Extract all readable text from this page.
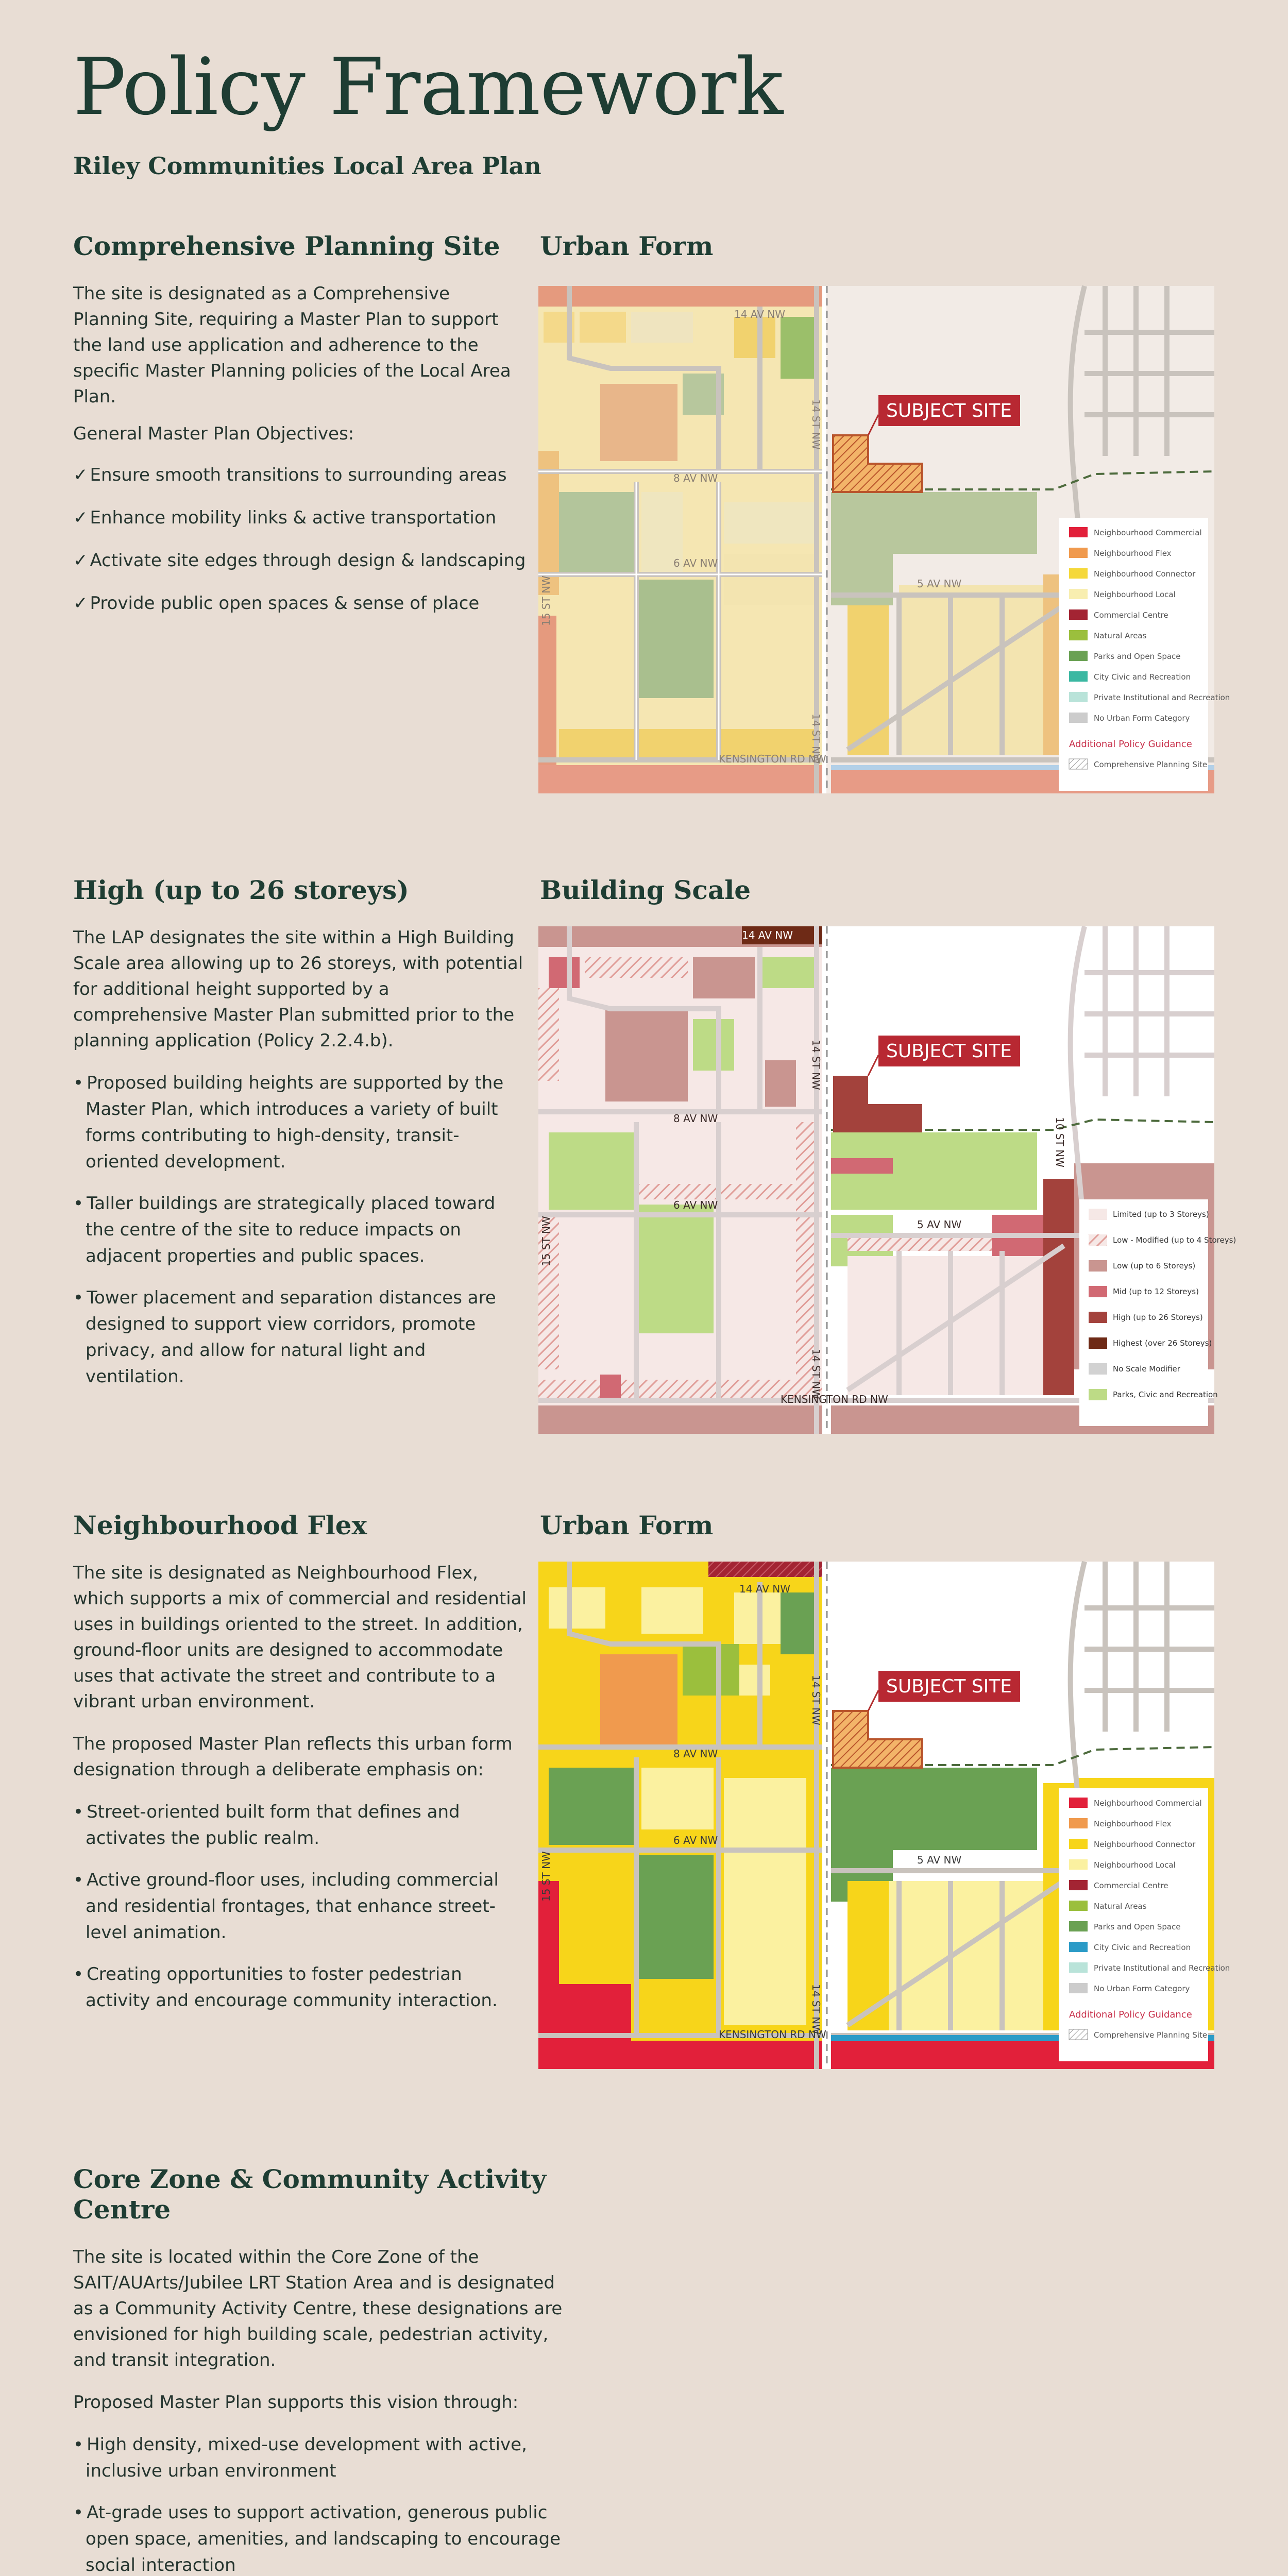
Policy Framework
Riley Communities Local Area Plan
Comprehensive Planning Site

The site is designated as a Comprehensive Planning Site, requiring a Master Plan to support the land use application and adherence to the specific Master Planning policies of the Local Area Plan.

General Master Plan Objectives:

✓ Ensure smooth transitions to surrounding areas
✓ Enhance mobility links & active transportation
✓ Activate site edges through design & landscaping
✓ Provide public open spaces & sense of place
Urban Form
SUBJECT SITE
14 AV NW
8 AV NW
6 AV NW
5 AV NW
KENSINGTON RD NW
14 ST NW
14 ST NW
15 ST NW
Neighbourhood Commercial
Neighbourhood Flex
Neighbourhood Connector
Neighbourhood Local
Commercial Centre
Natural Areas
Parks and Open Space
City Civic and Recreation
Private Institutional and Recreation
No Urban Form Category
Additional Policy Guidance
Comprehensive Planning Site
High (up to 26 storeys)

The LAP designates the site within a High Building Scale area allowing up to 26 storeys, with potential for additional height supported by a comprehensive Master Plan submitted prior to the planning application (Policy 2.2.4.b).

• Proposed building heights are supported by the Master Plan, which introduces a variety of built forms contributing to high-density, transit-oriented development.
• Taller buildings are strategically placed toward the centre of the site to reduce impacts on adjacent properties and public spaces.
• Tower placement and separation distances are designed to support view corridors, promote privacy, and allow for natural light and ventilation.
Building Scale
SUBJECT SITE
14 AV NW
8 AV NW
6 AV NW
5 AV NW
KENSINGTON RD NW
14 ST NW
14 ST NW
15 ST NW
10 ST NW
Limited (up to 3 Storeys)
Low - Modified (up to 4 Storeys)
Low (up to 6 Storeys)
Mid (up to 12 Storeys)
High (up to 26 Storeys)
Highest (over 26 Storeys)
No Scale Modifier
Parks, Civic and Recreation
Neighbourhood Flex

The site is designated as Neighbourhood Flex, which supports a mix of commercial and residential uses in buildings oriented to the street. In addition, ground-floor units are designed to accommodate uses that activate the street and contribute to a vibrant urban environment.

The proposed Master Plan reflects this urban form designation through a deliberate emphasis on:

• Street-oriented built form that defines and activates the public realm.
• Active ground-floor uses, including commercial and residential frontages, that enhance street-level animation.
• Creating opportunities to foster pedestrian activity and encourage community interaction.
Urban Form
SUBJECT SITE
14 AV NW
8 AV NW
6 AV NW
5 AV NW
KENSINGTON RD NW
14 ST NW
14 ST NW
15 ST NW
Neighbourhood Commercial
Neighbourhood Flex
Neighbourhood Connector
Neighbourhood Local
Commercial Centre
Natural Areas
Parks and Open Space
City Civic and Recreation
Private Institutional and Recreation
No Urban Form Category
Additional Policy Guidance
Comprehensive Planning Site
Core Zone & Community Activity Centre

The site is located within the Core Zone of the SAIT/AUArts/Jubilee LRT Station Area and is designated as a Community Activity Centre, these designations are envisioned for high building scale, pedestrian activity, and transit integration.

Proposed Master Plan supports this vision through:

• High density, mixed-use development with active, inclusive urban environment
• At-grade uses to support activation, generous public open space, amenities, and landscaping to encourage social interaction
